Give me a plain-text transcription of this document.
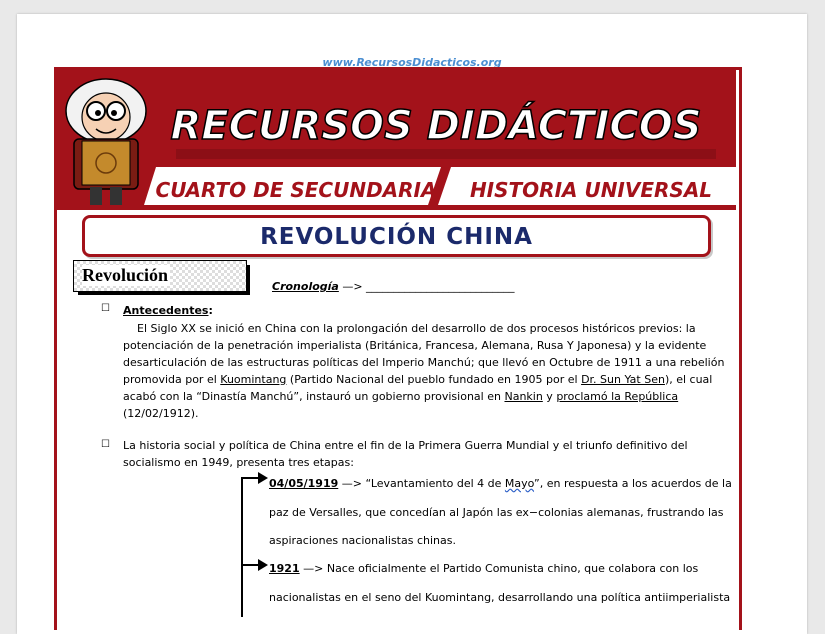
www.RecursosDidacticos.org
RECURSOS DIDÁCTICOS
CUARTO DE SECUNDARIA HISTORIA UNIVERSAL
REVOLUCIÓN CHINA
Revolución
Cronología —> ___________________________
☐ Antecedentes:
El Siglo XX se inició en China con la prolongación del desarrollo de dos procesos históricos previos: la
potenciación de la penetración imperialista (Británica, Francesa, Alemana, Rusa Y Japonesa) y la evidente
desarticulación de las estructuras políticas del Imperio Manchú; que llevó en Octubre de 1911 a una rebelión
promovida por el Kuomintang (Partido Nacional del pueblo fundado en 1905 por el Dr. Sun Yat Sen), el cual
acabó con la “Dinastía Manchú”, instauró un gobierno provisional en Nankin y proclamó la República
(12/02/1912).
☐ La historia social y política de China entre el fin de la Primera Guerra Mundial y el triunfo definitivo del
socialismo en 1949, presenta tres etapas:
04/05/1919 —> “Levantamiento del 4 de Mayo”, en respuesta a los acuerdos de la
paz de Versalles, que concedían al Japón las ex−colonias alemanas, frustrando las
aspiraciones nacionalistas chinas.
1921 —> Nace oficialmente el Partido Comunista chino, que colabora con los
nacionalistas en el seno del Kuomintang, desarrollando una política antiimperialista
